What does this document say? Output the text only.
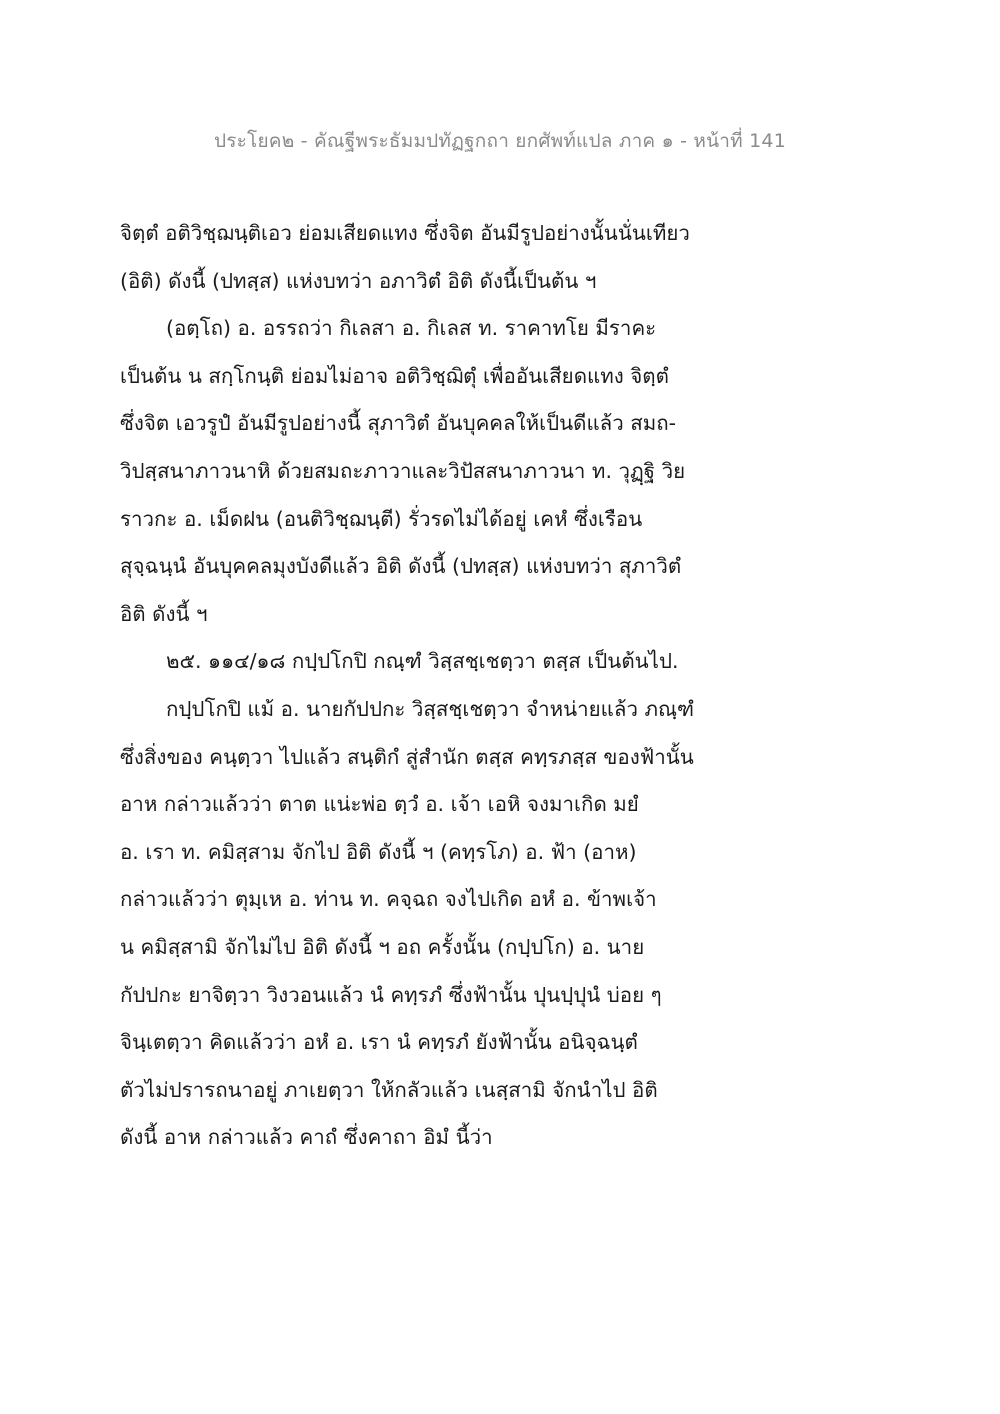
ประโยค๒ - คัณฐีพระธัมมปทัฏฐกถา ยกศัพท์แปล ภาค ๑ - หน้าที่ 141
จิตฺตํ อติวิชฺฌนฺติเอว ย่อมเสียดแทง ซึ่งจิต อันมีรูปอย่างนั้นนั่นเทียว
(อิติ) ดังนี้ (ปทสฺส) แห่งบทว่า อภาวิตํ อิติ ดังนี้เป็นต้น ฯ
(อตฺโถ) อ. อรรถว่า กิเลสา อ. กิเลส ท. ราคาทโย มีราคะ
เป็นต้น น สกฺโกนฺติ ย่อมไม่อาจ อติวิชฺฌิตุํ เพื่ออันเสียดแทง จิตฺตํ
ซึ่งจิต เอวรูปํ อันมีรูปอย่างนี้ สุภาวิตํ อันบุคคลให้เป็นดีแล้ว สมถ-
วิปสฺสนาภาวนาหิ ด้วยสมถะภาวาและวิปัสสนาภาวนา ท. วุฏฺฐิ วิย
ราวกะ อ. เม็ดฝน (อนติวิชฺฌนฺตี) รั่วรดไม่ได้อยู่ เคหํ ซึ่งเรือน
สุจฺฉนฺนํ อันบุคคลมุงบังดีแล้ว อิติ ดังนี้ (ปทสฺส) แห่งบทว่า สุภาวิตํ
อิติ ดังนี้ ฯ
๒๕. ๑๑๔/๑๘ กปฺปโกปิ กณฺฑํ วิสฺสชฺเชตฺวา ตสฺส เป็นต้นไป.
กปฺปโกปิ แม้ อ. นายกัปปกะ วิสฺสชฺเชตฺวา จำหน่ายแล้ว ภณฺฑํ
ซึ่งสิ่งของ คนฺตฺวา ไปแล้ว สนฺติกํ สู่สำนัก ตสฺส คทฺรภสฺส ของฟ้านั้น
อาห กล่าวแล้วว่า ตาต แน่ะพ่อ ตฺวํ อ. เจ้า เอหิ จงมาเกิด มยํ
อ. เรา ท. คมิสฺสาม จักไป อิติ ดังนี้ ฯ (คทฺรโภ) อ. ฟ้า (อาห)
กล่าวแล้วว่า ตุมฺเห อ. ท่าน ท. คจฺฉถ จงไปเกิด อหํ อ. ข้าพเจ้า
น คมิสฺสามิ จักไม่ไป อิติ ดังนี้ ฯ อถ ครั้งนั้น (กปฺปโก) อ. นาย
กัปปกะ ยาจิตฺวา วิงวอนแล้ว นํ คทฺรภํ ซึ่งฟ้านั้น ปุนปฺปุนํ บ่อย ๆ
จินฺเตตฺวา คิดแล้วว่า อหํ อ. เรา นํ คทฺรภํ ยังฟ้านั้น อนิจฺฉนฺตํ
ตัวไม่ปรารถนาอยู่ ภาเยตฺวา ให้กลัวแล้ว เนสฺสามิ จักนำไป อิติ
ดังนี้ อาห กล่าวแล้ว คาถํ ซึ่งคาถา อิมํ นี้ว่า
